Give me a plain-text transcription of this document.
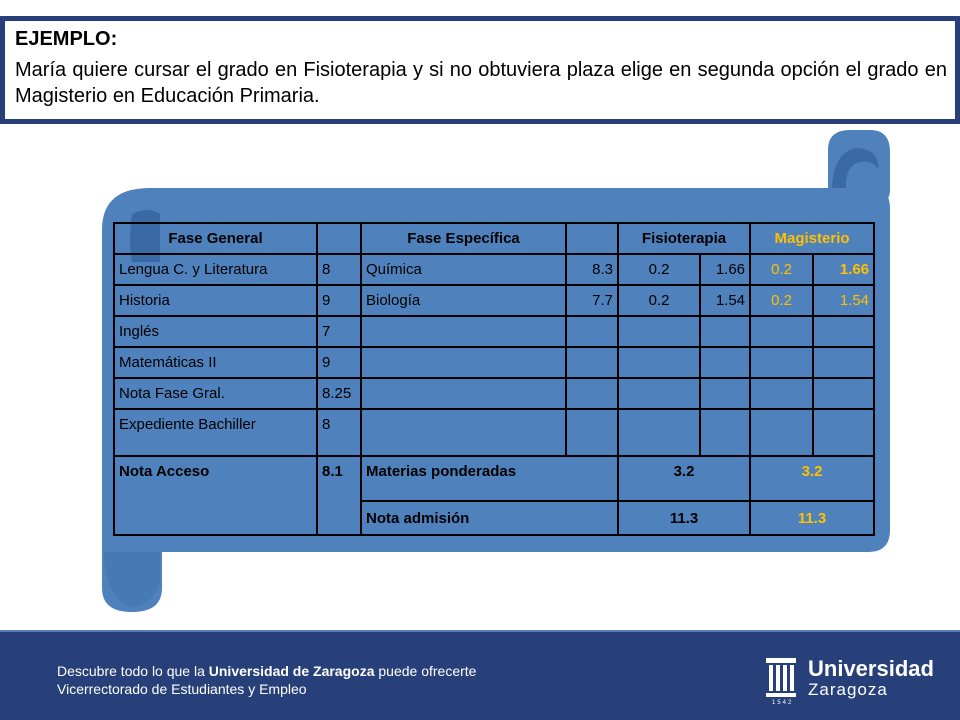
EJEMPLO:
María quiere cursar el grado en Fisioterapia y si no obtuviera plaza elige en segunda opción el grado en Magisterio en Educación Primaria.
Fase General		Fase Específica		Fisioterapia		Magisterio	
Lengua C. y Literatura	8	Química	8.3	0.2	1.66	0.2	1.66
Historia	9	Biología	7.7	0.2	1.54	0.2	1.54
Inglés	7						
Matemáticas II	9						
Nota Fase Gral.	8.25						
Expediente Bachiller	8						
Nota Acceso	8.1	Materias ponderadas		3.2		3.2	
		Nota admisión		11.3		11.3	
Descubre todo lo que la Universidad de Zaragoza puede ofrecerte
Vicerrectorado de Estudiantes y Empleo
Universidad
Zaragoza
1542
